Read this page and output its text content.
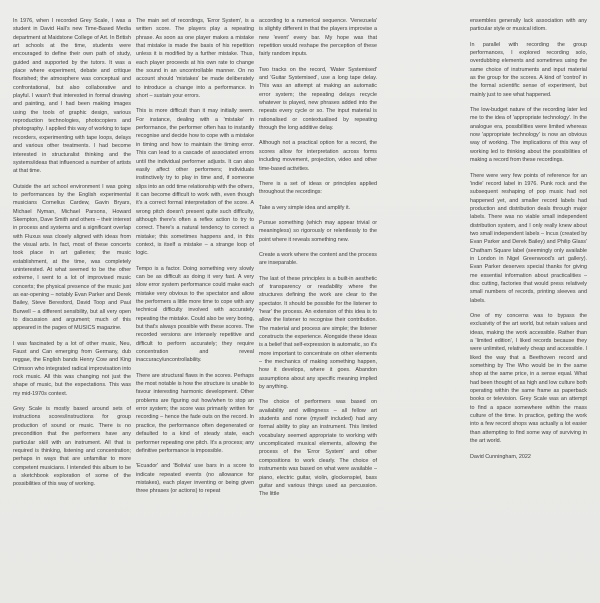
In 1976, when I recorded Grey Scale, I was a student in David Hall's new Time-Based Media department at Maidstone College of Art. In British art schools at the time, students were encouraged to define their own path of study, guided and supported by the tutors. It was a place where experiment, debate and critique flourished; the atmosphere was conceptual and confrontational, but also collaborative and playful. I wasn't that interested in formal drawing and painting, and I had been making images using the tools of graphic design, various reproduction technologies, photocopiers and photography. I applied this way of working to tape recorders, experimenting with tape loops, delays and various other treatments. I had become interested in structuralist thinking and the systems/ideas that influenced a number of artists at that time.

Outside the art school environment I was going to performances by the English experimental musicians Cornelius Cardew, Gavin Bryars, Michael Nyman, Michael Parsons, Howard Skempton, Dave Smith and others – their interest in process and systems and a significant overlap with Fluxus was closely aligned with ideas from the visual arts. In fact, most of these concerts took place in art galleries; the music establishment, at the time, was completely uninterested. At what seemed to be the other extreme, I went to a lot of improvised music concerts; the physical presence of the music just as ear-opening – notably Evan Parker and Derek Bailey, Steve Beresford, David Toop and Paul Burwell – a different sensibility, but all very open to discussion and argument; much of this appeared in the pages of MUSICS magazine.

I was fascinated by a lot of other music, Neu, Faust and Can emerging from Germany, dub reggae, the English bands Henry Cow and King Crimson who integrated radical improvisation into rock music. All this was changing not just the shape of music, but the expectations. This was my mid-1970s context.

Grey Scale is mostly based around sets of instructions scores/instructions for group production of sound or music. There is no precondition that the performers have any particular skill with an instrument. All that is required is thinking, listening and concentration; perhaps in ways that are unfamiliar to more competent musicians. I intended this album to be a sketchbook exploration of some of the possibilities of this way of working.

The main set of recordings, 'Error System', is a written score. The players play a repeating phrase. As soon as one player makes a mistake that mistake is made the basis of his repetition unless it is modified by a further mistake. Thus, each player proceeds at his own rate to change the sound in an uncontrollable manner. On no account should 'mistakes' be made deliberately to introduce a change into a performance. In short – sustain your errors.

This is more difficult than it may initially seem. For instance, dealing with a 'mistake' in performance, the performer often has to instantly recognise and decide how to cope with a mistake in timing and how to maintain the timing error. This can lead to a cascade of associated errors until the individual performer adjusts. It can also easily affect other performers; individuals instinctively try to play in time and, if someone slips into an odd time relationship with the others, it can become difficult to work with, even though it's a correct formal interpretation of the score. A wrong pitch doesn't present quite such difficulty, although there's often a reflex action to try to correct. There's a natural tendency to correct a mistake; this sometimes happens and, in this context, is itself a mistake – a strange loop of logic.

Tempo is a factor. Doing something very slowly can be as difficult as doing it very fast. A very slow error system performance could make each mistake very obvious to the spectator and allow the performers a little more time to cope with any technical difficulty involved with accurately repeating the mistake. Could also be very boring, but that's always possible with these scores. The recorded versions are intensely repetitive and difficult to perform accurately; they require concentration and reveal inaccuracy/uncontrollability.

There are structural flaws in the scores. Perhaps the most notable is how the structure is unable to favour interesting harmonic development. Other problems are figuring out how/when to stop an error system; the score was primarily written for recording – hence the fade outs on the record. In practice, the performance often degenerated or defaulted to a kind of steady state, each performer repeating one pitch. It's a process; any definitive performance is impossible.

'Ecuador' and 'Bolivia' use bars in a score to indicate repeated events (no allowance for mistakes), each player inventing or being given three phrases (or actions) to repeat

according to a numerical sequence. 'Venezuela' is slightly different in that the players improvise a new 'event' every bar. My hope was that repetition would reshape the perception of these fairly random inputs.

Two tracks on the record, 'Water Systemised' and 'Guitar Systemised', use a long tape delay. This was an attempt at making an automatic error system; the repeating delays recycle whatever is played, new phrases added into the repeats every cycle or so. The input material is rationalised or contextualised by repeating through the long additive delay.

Although not a practical option for a record, the scores allow for interpretation across forms including movement, projection, video and other time-based activities.

There is a set of ideas or principles applied throughout the recordings:

Take a very simple idea and amplify it.

Pursue something (which may appear trivial or meaningless) so rigorously or relentlessly to the point where it reveals something new.

Create a work where the content and the process are inseparable.

The last of these principles is a built-in aesthetic of transparency or readability where the structures defining the work are clear to the spectator. It should be possible for the listener to 'hear' the process. An extension of this idea is to allow the listener to recognise their contribution. The material and process are simple; the listener constructs the experience. Alongside these ideas is a belief that self-expression is automatic, so it's more important to concentrate on other elements – the mechanics of making something happen, how it develops, where it goes. Abandon assumptions about any specific meaning implied by anything.

The choice of performers was based on availability and willingness – all fellow art students and none (myself included) had any formal ability to play an instrument. This limited vocabulary seemed appropriate to working with uncomplicated musical elements, allowing the process of the 'Error System' and other compositions to work clearly. The choice of instruments was based on what were available – piano, electric guitar, violin, glockenspiel, bass guitar and various things used as percussion. The little

ensembles generally lack association with any particular style or musical idiom.

In parallel with recording the group performances, I explored recording solo, overdubbing elements and sometimes using the same choice of instruments and input material as the group for the scores. A kind of 'control' in the formal scientific sense of experiment, but mainly just to see what happened.

The low-budget nature of the recording later led me to the idea of 'appropriate technology'. In the analogue era, possibilities were limited whereas now 'appropriate technology' is now an obvious way of working. The implications of this way of working led to thinking about the possibilities of making a record from these recordings.

There were very few points of reference for an 'indie' record label in 1976. Punk rock and the subsequent reshaping of pop music had not happened yet, and smaller record labels had production and distribution deals through major labels. There was no viable small independent distribution system, and I only really knew about two small independent labels – Incus (created by Evan Parker and Derek Bailey) and Philip Glass' Chatham Square label (seemingly only available in London in Nigel Greenwood's art gallery). Evan Parker deserves special thanks for giving me essential information about practicalities – disc cutting, factories that would press relatively small numbers of records, printing sleeves and labels.

One of my concerns was to bypass the exclusivity of the art world, but retain values and ideas, making the work accessible. Rather than a 'limited edition', I liked records because they were unlimited, relatively cheap and accessible. I liked the way that a Beethoven record and something by The Who would be in the same shop at the same price, in a sense equal. What had been thought of as high and low culture both operating within the same frame as paperback books or television. Grey Scale was an attempt to find a space somewhere within the mass culture of the time. In practice, getting the work into a few record shops was actually a lot easier than attempting to find some way of surviving in the art world.

David Cunningham, 2022
